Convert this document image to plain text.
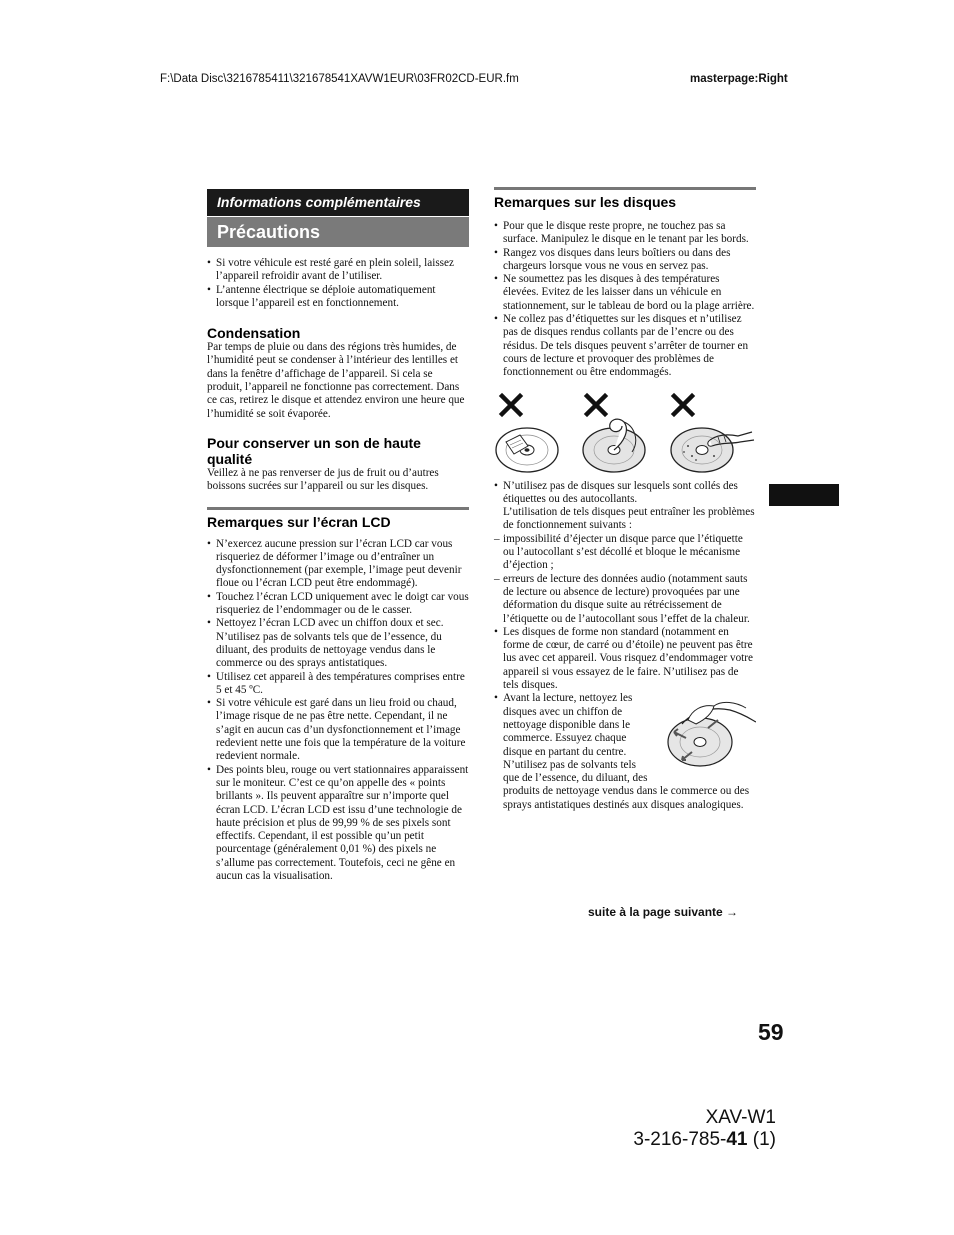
F:\Data Disc\3216785411\321678541XAVW1EUR\03FR02CD-EUR.fm	masterpage:Right
Informations complémentaires
Précautions
• Si votre véhicule est resté garé en plein soleil, laissez l’appareil refroidir avant de l’utiliser.
• L’antenne électrique se déploie automatiquement lorsque l’appareil est en fonctionnement.
Condensation

Par temps de pluie ou dans des régions très humides, de l’humidité peut se condenser à l’intérieur des lentilles et dans la fenêtre d’affichage de l’appareil. Si cela se produit, l’appareil ne fonctionne pas correctement. Dans ce cas, retirez le disque et attendez environ une heure que l’humidité se soit évaporée.

Pour conserver un son de haute qualité

Veillez à ne pas renverser de jus de fruit ou d’autres boissons sucrées sur l’appareil ou sur les disques.

Remarques sur l’écran LCD
• N’exercez aucune pression sur l’écran LCD car vous risqueriez de déformer l’image ou d’entraîner un dysfonctionnement (par exemple, l’image peut devenir floue ou l’écran LCD peut être endommagé).
• Touchez l’écran LCD uniquement avec le doigt car vous risqueriez de l’endommager ou de le casser.
• Nettoyez l’écran LCD avec un chiffon doux et sec. N’utilisez pas de solvants tels que de l’essence, du diluant, des produits de nettoyage vendus dans le commerce ou des sprays antistatiques.
• Utilisez cet appareil à des températures comprises entre 5 et 45 ºC.
• Si votre véhicule est garé dans un lieu froid ou chaud, l’image risque de ne pas être nette. Cependant, il ne s’agit en aucun cas d’un dysfonctionnement et l’image redevient nette une fois que la température de la voiture redevient normale.
• Des points bleu, rouge ou vert stationnaires apparaissent sur le moniteur. C’est ce qu’on appelle des « points brillants ». Ils peuvent apparaître sur n’importe quel écran LCD. L’écran LCD est issu d’une technologie de haute précision et plus de 99,99 % de ses pixels sont effectifs. Cependant, il est possible qu’un petit pourcentage (généralement 0,01 %) des pixels ne s’allume pas correctement. Toutefois, ceci ne gêne en aucun cas la visualisation.
Remarques sur les disques
• Pour que le disque reste propre, ne touchez pas sa surface. Manipulez le disque en le tenant par les bords.
• Rangez vos disques dans leurs boîtiers ou dans des chargeurs lorsque vous ne vous en servez pas.
• Ne soumettez pas les disques à des températures élevées. Evitez de les laisser dans un véhicule en stationnement, sur le tableau de bord ou la plage arrière.
• Ne collez pas d’étiquettes sur les disques et n’utilisez pas de disques rendus collants par de l’encre ou des résidus. De tels disques peuvent s’arrêter de tourner en cours de lecture et provoquer des problèmes de fonctionnement ou être endommagés.
• N’utilisez pas de disques sur lesquels sont collés des étiquettes ou des autocollants.
L’utilisation de tels disques peut entraîner les problèmes de fonctionnement suivants :
– impossibilité d’éjecter un disque parce que l’étiquette ou l’autocollant s’est décollé et bloque le mécanisme d’éjection ;
– erreurs de lecture des données audio (notamment sauts de lecture ou absence de lecture) provoquées par une déformation du disque suite au rétrécissement de l’étiquette ou de l’autocollant sous l’effet de la chaleur.
• Les disques de forme non standard (notamment en forme de cœur, de carré ou d’étoile) ne peuvent pas être lus avec cet appareil. Vous risquez d’endommager votre appareil si vous essayez de le faire. N’utilisez pas de tels disques.
• Avant la lecture, nettoyez les disques avec un chiffon de nettoyage disponible dans le commerce. Essuyez chaque disque en partant du centre. N’utilisez pas de solvants tels que de l’essence, du diluant, des produits de nettoyage vendus dans le commerce ou des sprays antistatiques destinés aux disques analogiques.
suite à la page suivante →
59
XAV-W1
3-216-785-41 (1)
